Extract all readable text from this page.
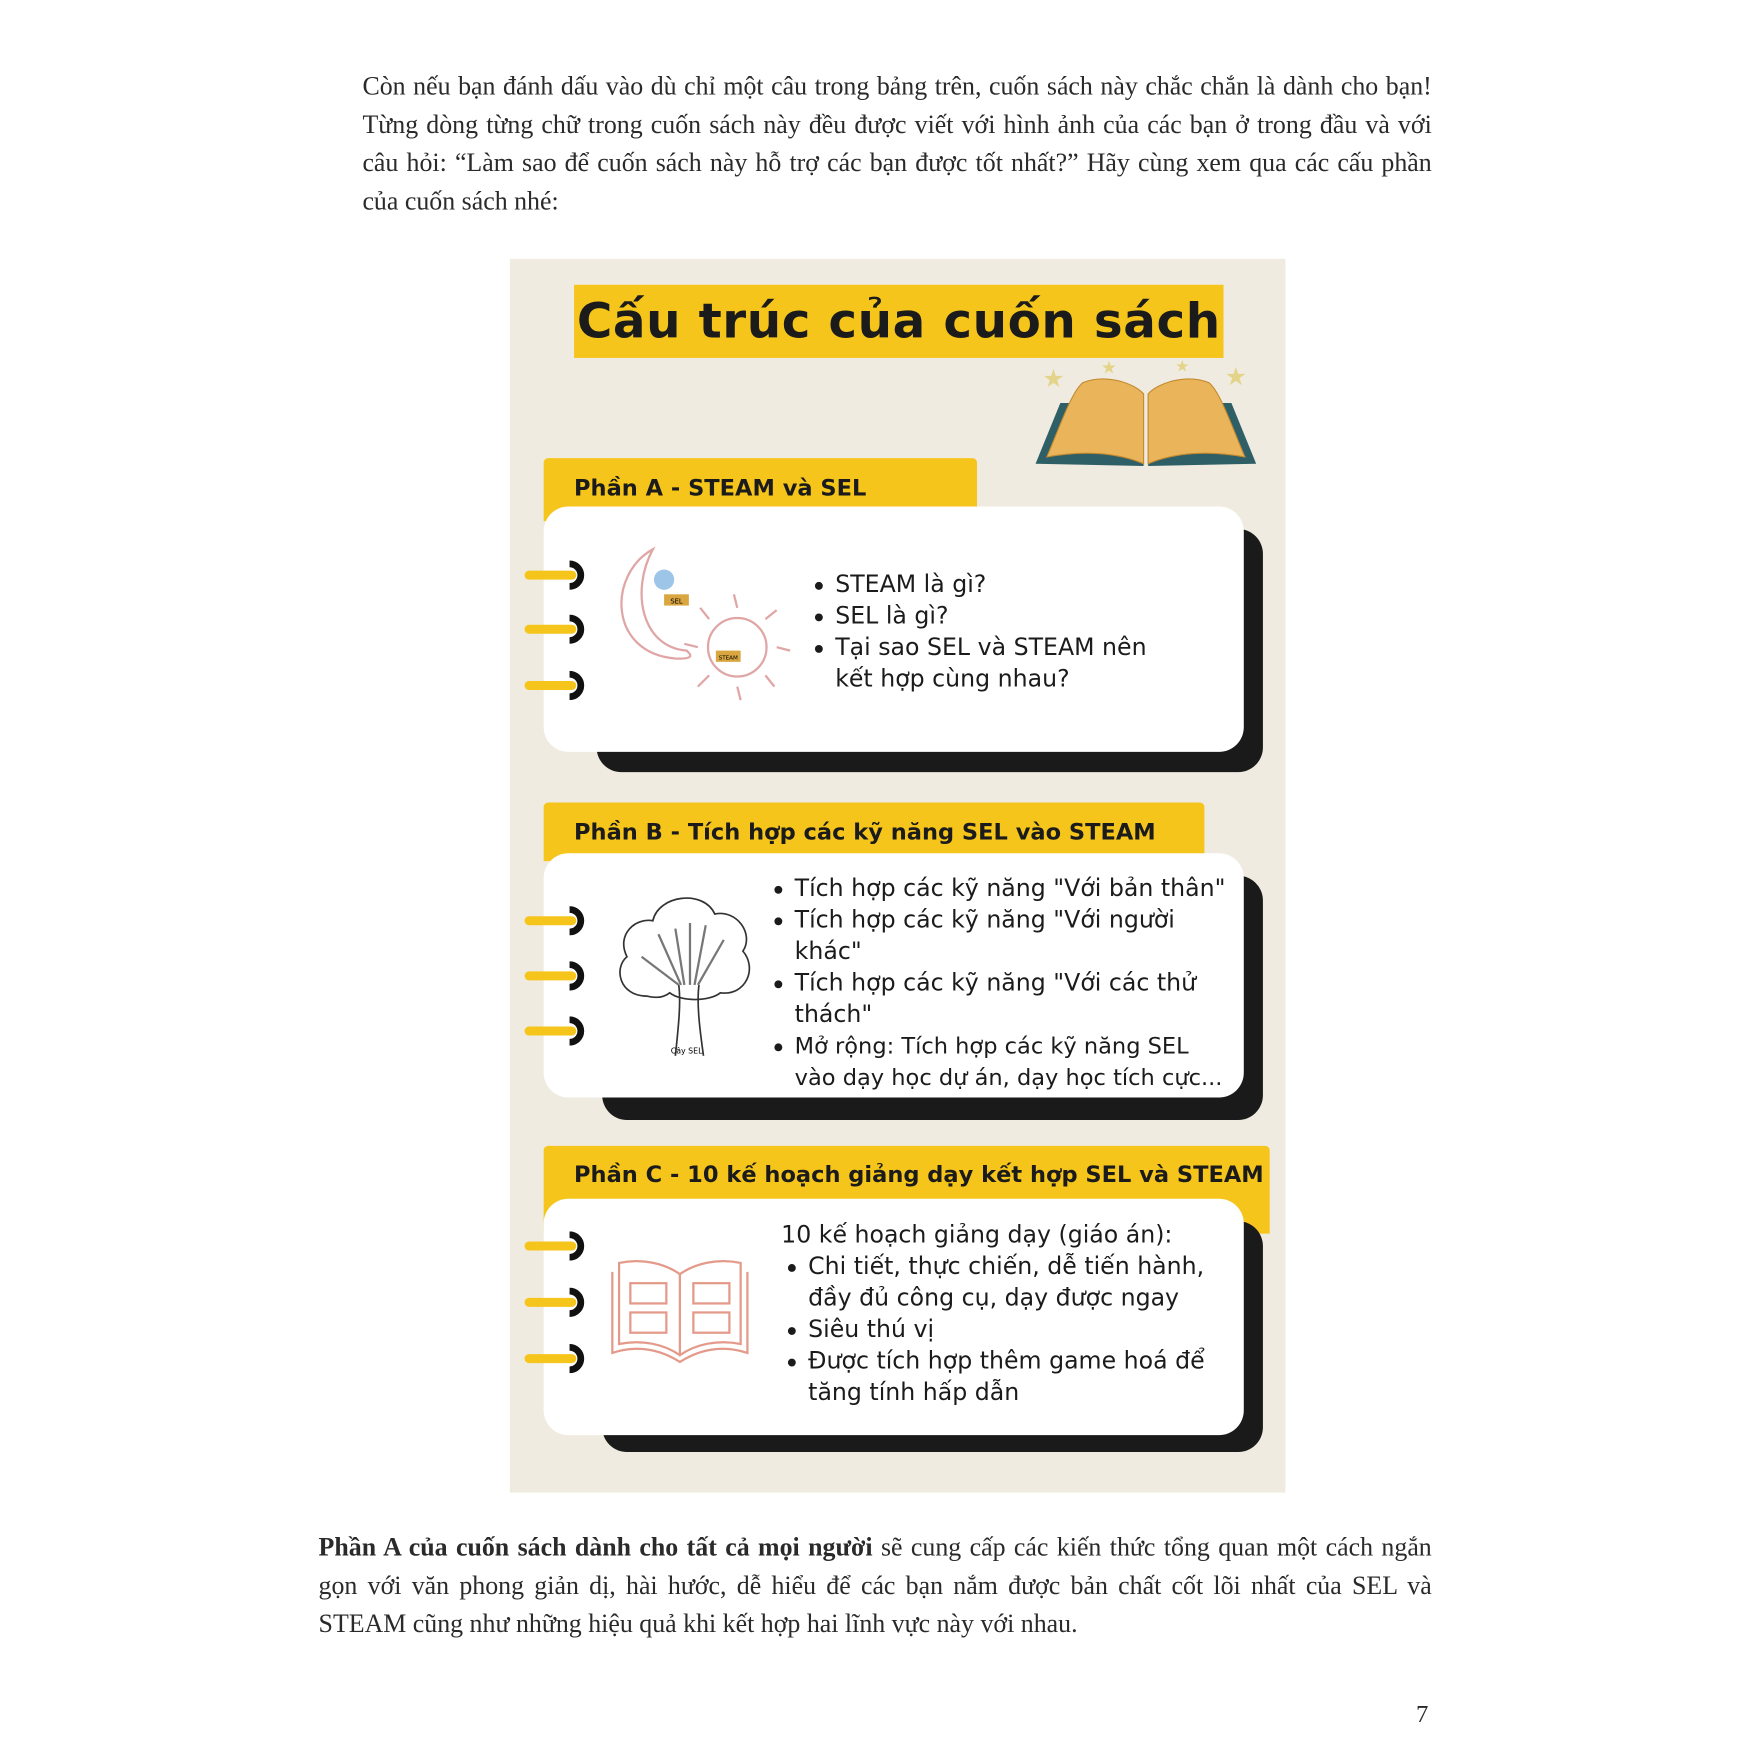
Còn nếu bạn đánh dấu vào dù chỉ một câu trong bảng trên, cuốn sách này chắc chắn là dành cho bạn! Từng dòng từng chữ trong cuốn sách này đều được viết với hình ảnh của các bạn ở trong đầu và với câu hỏi: “Làm sao để cuốn sách này hỗ trợ các bạn được tốt nhất?” Hãy cùng xem qua các cấu phần của cuốn sách nhé:

Cấu trúc của cuốn sách
★ ★	★
★
Phần A - STEAM và SEL
SEL
STEAM
STEAM là gì?
SEL là gì?
Tại sao SEL và STEAM nên kết hợp cùng nhau?
Phần B - Tích hợp các kỹ năng SEL vào STEAM
Cây SEL
Tích hợp các kỹ năng "Với bản thân"
Tích hợp các kỹ năng "Với người khác"
Tích hợp các kỹ năng "Với các thử thách"
Mở rộng: Tích hợp các kỹ năng SEL vào dạy học dự án, dạy học tích cực...
Phần C - 10 kế hoạch giảng dạy kết hợp SEL và STEAM
10 kế hoạch giảng dạy (giáo án):
Chi tiết, thực chiến, dễ tiến hành, đầy đủ công cụ, dạy được ngay
Siêu thú vị
Được tích hợp thêm game hoá để tăng tính hấp dẫn

Phần A của cuốn sách dành cho tất cả mọi người sẽ cung cấp các kiến thức tổng quan một cách ngắn gọn với văn phong giản dị, hài hước, dễ hiểu để các bạn nắm được bản chất cốt lõi nhất của SEL và STEAM cũng như những hiệu quả khi kết hợp hai lĩnh vực này với nhau.

7
